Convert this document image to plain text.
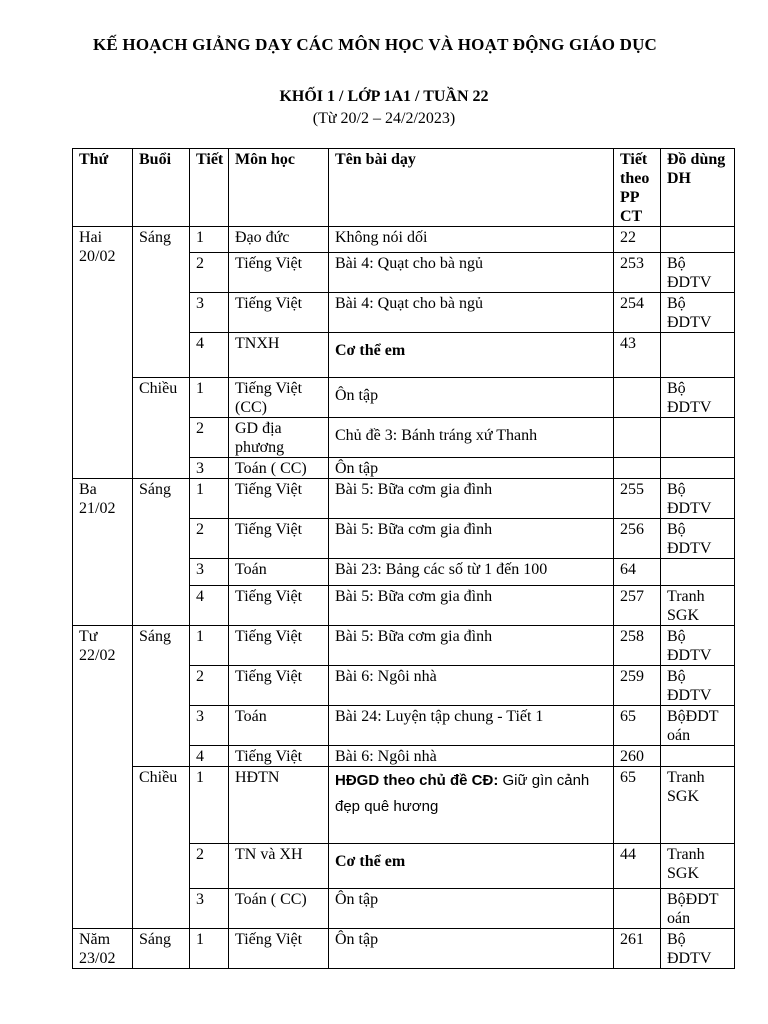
KẾ HOẠCH GIẢNG DẠY CÁC MÔN HỌC VÀ HOẠT ĐỘNG GIÁO DỤC
KHỐI 1 / LỚP 1A1 / TUẦN 22
(Từ 20/2 – 24/2/2023)
Thứ	Buổi	Tiết	Môn học	Tên bài dạy	Tiết theo PP CT	Đồ dùng DH
Hai 20/02	Sáng	1	Đạo đức	Không nói dối	22	
		2	Tiếng Việt	Bài 4: Quạt cho bà ngủ	253	Bộ ĐDTV
		3	Tiếng Việt	Bài 4: Quạt cho bà ngủ	254	Bộ ĐDTV
		4	TNXH	Cơ thể em	43	
	Chiều	1	Tiếng Việt (CC)	Ôn tập		Bộ ĐDTV
		2	GD địa phương	Chủ đề 3: Bánh tráng xứ Thanh		
		3	Toán ( CC)	Ôn tập		
Ba 21/02	Sáng	1	Tiếng Việt	Bài 5: Bữa cơm gia đình	255	Bộ ĐDTV
		2	Tiếng Việt	Bài 5: Bữa cơm gia đình	256	Bộ ĐDTV
		3	Toán	Bài 23: Bảng các số từ 1 đến 100	64	
		4	Tiếng Việt	Bài 5: Bữa cơm gia đình	257	Tranh SGK
Tư 22/02	Sáng	1	Tiếng Việt	Bài 5: Bữa cơm gia đình	258	Bộ ĐDTV
		2	Tiếng Việt	Bài 6: Ngôi nhà	259	Bộ ĐDTV
		3	Toán	Bài 24: Luyện tập chung - Tiết 1	65	BộĐDT oán
		4	Tiếng Việt	Bài 6: Ngôi nhà	260	
	Chiều	1	HĐTN	HĐGD theo chủ đề CĐ: Giữ gìn cảnh đẹp quê hương	65	Tranh SGK
		2	TN và XH	Cơ thể em	44	Tranh SGK
		3	Toán ( CC)	Ôn tập		BộĐDT oán
Năm 23/02	Sáng	1	Tiếng Việt	Ôn tập	261	Bộ ĐDTV
